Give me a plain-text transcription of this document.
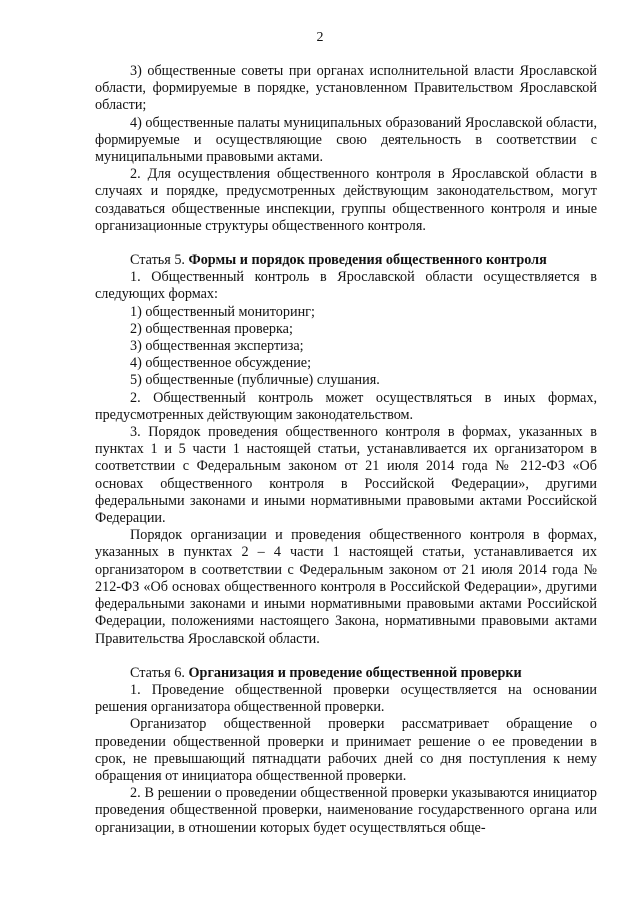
2

3) общественные советы при органах исполнительной власти Ярославской области, формируемые в порядке, установленном Правительством Ярославской области;

4) общественные палаты муниципальных образований Ярославской области, формируемые и осуществляющие свою деятельность в соответствии с муниципальными правовыми актами.

2. Для осуществления общественного контроля в Ярославской области в случаях и порядке, предусмотренных действующим законодательством, могут создаваться общественные инспекции, группы общественного контроля и иные организационные структуры общественного контроля.

Статья 5. Формы и порядок проведения общественного контроля

1. Общественный контроль в Ярославской области осуществляется в следующих формах:

1) общественный мониторинг;

2) общественная проверка;

3) общественная экспертиза;

4) общественное обсуждение;

5) общественные (публичные) слушания.

2. Общественный контроль может осуществляться в иных формах, предусмотренных действующим законодательством.

3. Порядок проведения общественного контроля в формах, указанных в пунктах 1 и 5 части 1 настоящей статьи, устанавливается их организатором в соответствии с Федеральным законом от 21 июля 2014 года № 212-ФЗ «Об основах общественного контроля в Российской Федерации», другими федеральными законами и иными нормативными правовыми актами Российской Федерации.

Порядок организации и проведения общественного контроля в формах, указанных в пунктах 2 – 4 части 1 настоящей статьи, устанавливается их организатором в соответствии с Федеральным законом от 21 июля 2014 года № 212-ФЗ «Об основах общественного контроля в Российской Федерации», другими федеральными законами и иными нормативными правовыми актами Российской Федерации, положениями настоящего Закона, нормативными правовыми актами Правительства Ярославской области.

Статья 6. Организация и проведение общественной проверки

1. Проведение общественной проверки осуществляется на основании решения организатора общественной проверки.

Организатор общественной проверки рассматривает обращение о проведении общественной проверки и принимает решение о ее проведении в срок, не превышающий пятнадцати рабочих дней со дня поступления к нему обращения от инициатора общественной проверки.

2. В решении о проведении общественной проверки указываются инициатор проведения общественной проверки, наименование государственного органа или организации, в отношении которых будет осуществляться обще-
